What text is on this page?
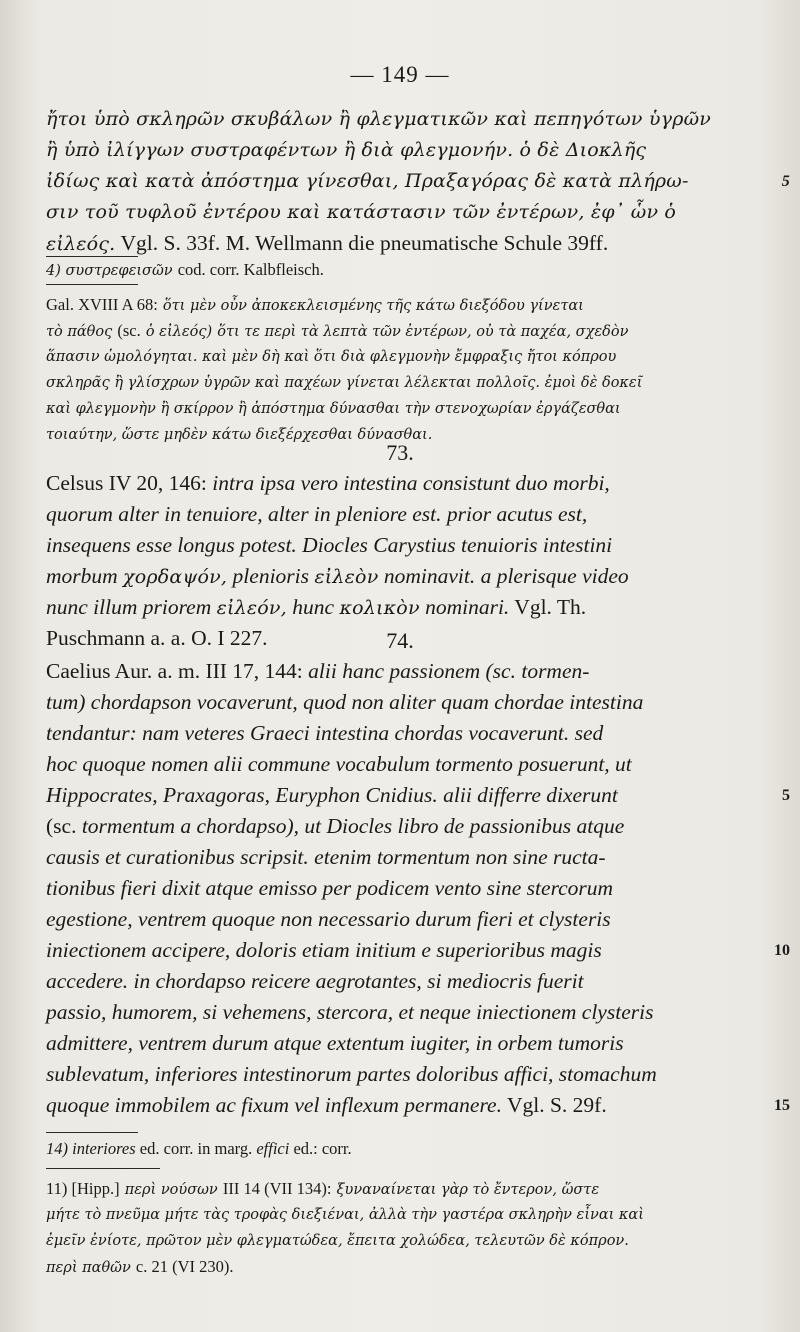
— 149 —
ἤτοι ὑπὸ σκληρῶν σκυβάλων ἢ φλεγματικῶν καὶ πεπηγότων ὑγρῶν
ἢ ὑπὸ ἰλίγγων συστραφέντων ἢ διὰ φλεγμονήν. ὁ δὲ Διοκλῆς
ἰδίως καὶ κατὰ ἀπόστημα γίνεσθαι, Πραξαγόρας δὲ κατὰ πλήρω-	5
σιν τοῦ τυφλοῦ ἐντέρου καὶ κατάστασιν τῶν ἐντέρων, ἐφ᾿ ὧν ὁ
εἰλεός. Vgl. S. 33f. M. Wellmann die pneumatische Schule 39ff.
4) συστρεφεισῶν cod. corr. Kalbfleisch.
Gal. XVIII A 68: ὅτι μὲν οὖν ἀποκεκλεισμένης τῆς κάτω διεξόδου γίνεται
τὸ πάθος (sc. ὁ εἰλεός) ὅτι τε περὶ τὰ λεπτὰ τῶν ἐντέρων, οὐ τὰ παχέα, σχεδὸν
ἅπασιν ὡμολόγηται. καὶ μὲν δὴ καὶ ὅτι διὰ φλεγμονὴν ἔμφραξις ἤτοι κόπρου
σκληρᾶς ἢ γλίσχρων ὑγρῶν καὶ παχέων γίνεται λέλεκται πολλοῖς. ἐμοὶ δὲ δοκεῖ
καὶ φλεγμονὴν ἢ σκίρρον ἢ ἀπόστημα δύνασθαι τὴν στενοχωρίαν ἐργάζεσθαι
τοιαύτην, ὥστε μηδὲν κάτω διεξέρχεσθαι δύνασθαι.
73.
Celsus IV 20, 146: intra ipsa vero intestina consistunt duo morbi,
quorum alter in tenuiore, alter in pleniore est. prior acutus est,
insequens esse longus potest. Diocles Carystius tenuioris intestini
morbum χορδαψόν, plenioris εἰλεὸν nominavit. a plerisque video
nunc illum priorem εἰλεόν, hunc κολικὸν nominari. Vgl. Th.
Puschmann a. a. O. I 227.	74.
Caelius Aur. a. m. III 17, 144: alii hanc passionem (sc. tormen-
tum) chordapson vocaverunt, quod non aliter quam chordae intestina
tendantur: nam veteres Graeci intestina chordas vocaverunt. sed
hoc quoque nomen alii commune vocabulum tormento posuerunt, ut
Hippocrates, Praxagoras, Euryphon Cnidius. alii differre dixerunt	5
(sc. tormentum a chordapso), ut Diocles libro de passionibus atque
causis et curationibus scripsit. etenim tormentum non sine ructa-
tionibus fieri dixit atque emisso per podicem vento sine stercorum
egestione, ventrem quoque non necessario durum fieri et clysteris
iniectionem accipere, doloris etiam initium e superioribus magis	10
accedere. in chordapso reicere aegrotantes, si mediocris fuerit
passio, humorem, si vehemens, stercora, et neque iniectionem clysteris
admittere, ventrem durum atque extentum iugiter, in orbem tumoris
sublevatum, inferiores intestinorum partes doloribus affici, stomachum
quoque immobilem ac fixum vel inflexum permanere. Vgl. S. 29f.	15
14) interiores ed. corr. in marg. effici ed.: corr.
11) [Hipp.] περὶ νούσων III 14 (VII 134): ξυναναίνεται γὰρ τὸ ἔντερον, ὥστε
μήτε τὸ πνεῦμα μήτε τὰς τροφὰς διεξιέναι, ἀλλὰ τὴν γαστέρα σκληρὴν εἶναι καὶ
ἐμεῖν ἐνίοτε, πρῶτον μὲν φλεγματώδεα, ἔπειτα χολώδεα, τελευτῶν δὲ κόπρον.
περὶ παθῶν c. 21 (VI 230).
